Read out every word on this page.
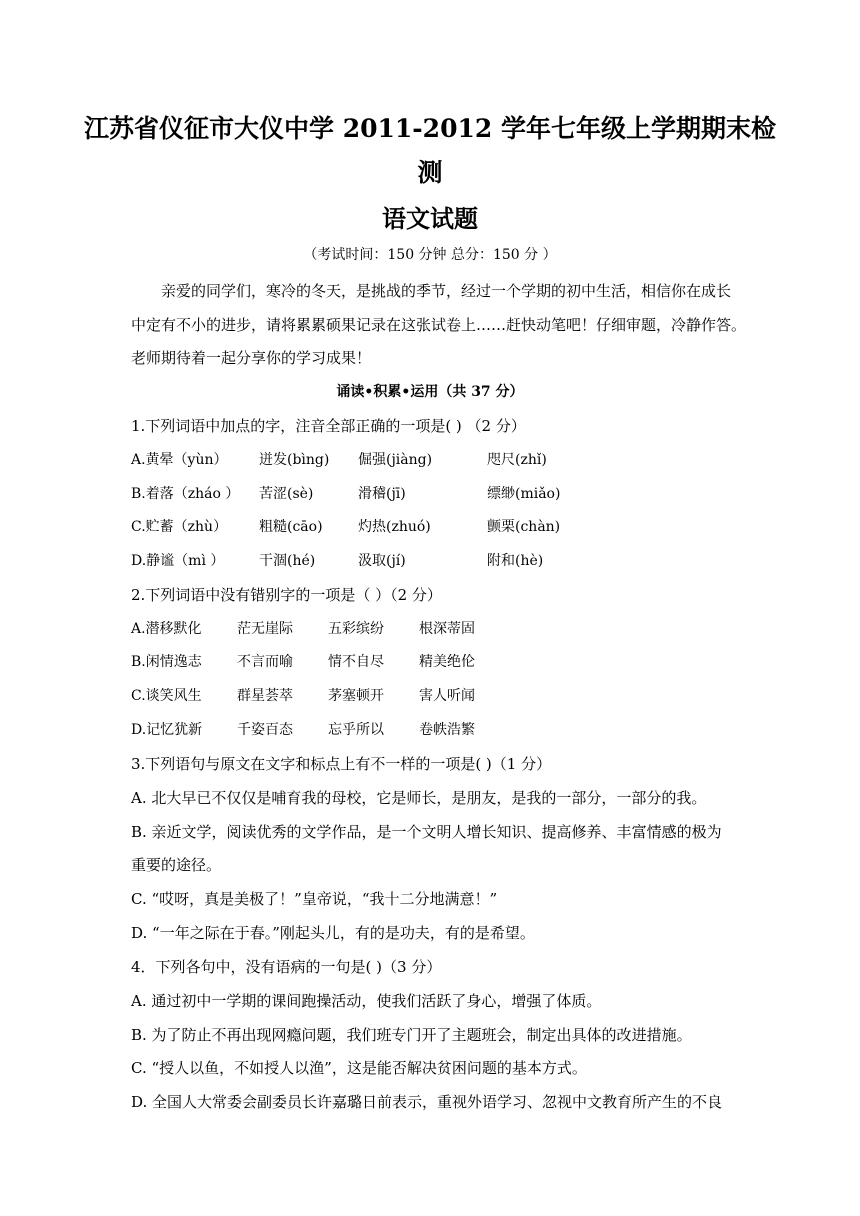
江苏省仪征市大仪中学 2011-2012 学年七年级上学期期末检
测
语文试题
（考试时间：150 分钟 总分：150 分 ）
亲爱的同学们，寒冷的冬天，是挑战的季节，经过一个学期的初中生活，相信你在成长
中定有不小的进步，请将累累硕果记录在这张试卷上……赶快动笔吧！仔细审题，冷静作答。
老师期待着一起分享你的学习成果！
诵读•积累•运用（共 37 分）
1.下列词语中加点的字，注音全部正确的一项是( ) （2 分）
A.黄晕（yùn） 迸发(bìng) 倔强(jiàng)	咫尺(zhǐ)
B.着落（zháo ） 苦涩(sè)	滑稽(jī)	缥缈(miǎo)
C.贮蓄（zhù） 粗糙(cāo)	灼热(zhuó)	颤栗(chàn)
D.静谧（mì ） 干涸(hé)	汲取(jí)	附和(hè)
2.下列词语中没有错别字的一项是（ ）（2 分）
A.潜移默化	茫无崖际	五彩缤纷	根深蒂固
B.闲情逸志	不言而喻	情不自尽	精美绝伦
C.谈笑风生	群星荟萃	茅塞顿开	害人听闻
D.记忆犹新 千姿百态	忘乎所以	卷帙浩繁
3.下列语句与原文在文字和标点上有不一样的一项是( )（1 分）
A. 北大早已不仅仅是哺育我的母校，它是师长，是朋友，是我的一部分，一部分的我。
B. 亲近文学，阅读优秀的文学作品，是一个文明人增长知识、提高修养、丰富情感的极为
重要的途径。
C. “哎呀，真是美极了！”皇帝说，“我十二分地满意！”
D. “一年之际在于春。”刚起头儿，有的是功夫，有的是希望。
4．下列各句中，没有语病的一句是( )（3 分）
A. 通过初中一学期的课间跑操活动，使我们活跃了身心，增强了体质。
B. 为了防止不再出现网瘾问题，我们班专门开了主题班会，制定出具体的改进措施。
C. “授人以鱼，不如授人以渔”，这是能否解决贫困问题的基本方式。
D. 全国人大常委会副委员长许嘉璐日前表示，重视外语学习、忽视中文教育所产生的不良
